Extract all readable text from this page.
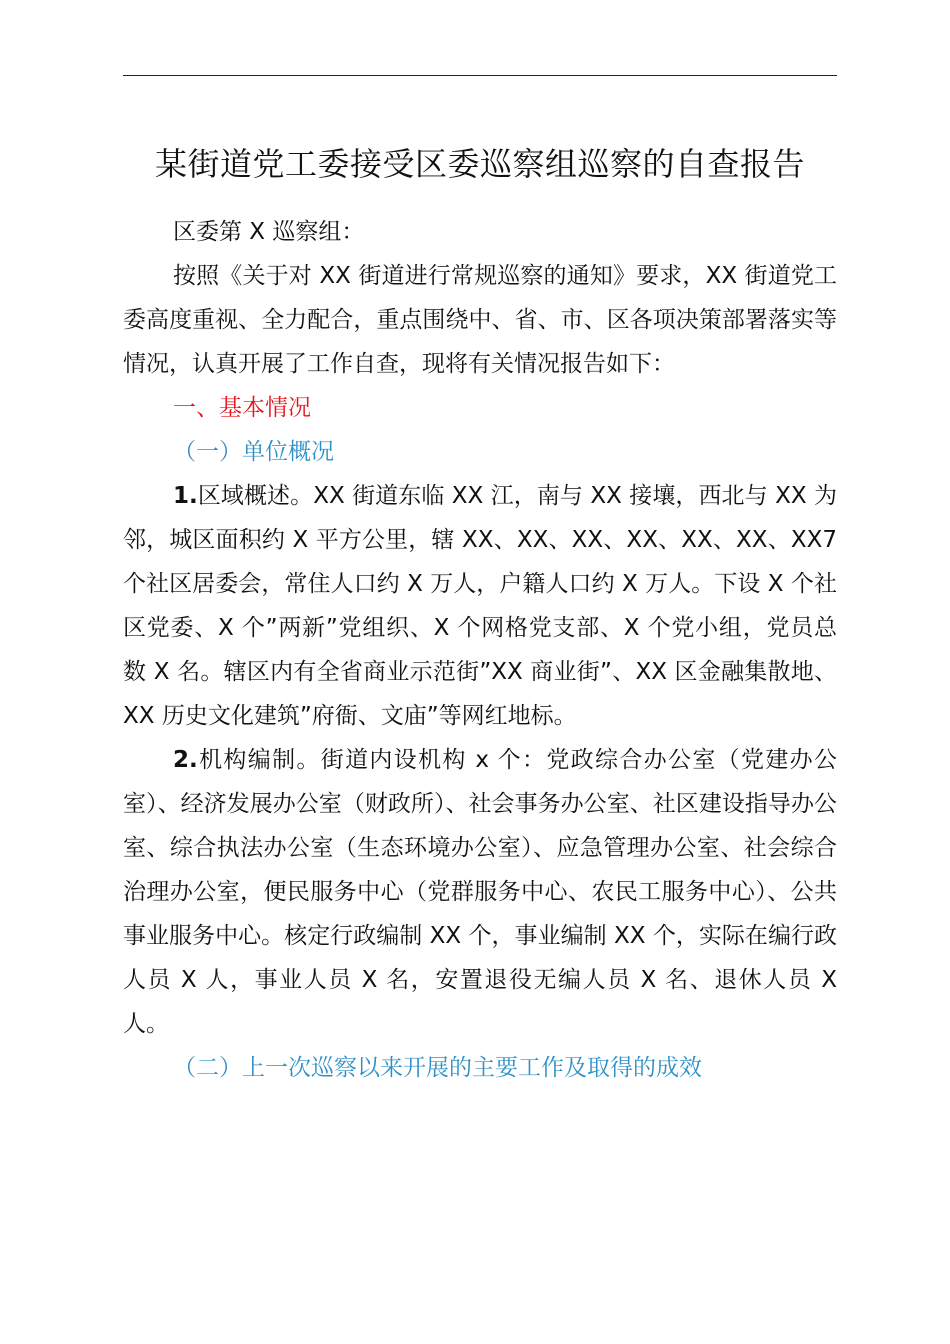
某街道党工委接受区委巡察组巡察的自查报告

区委第 X 巡察组：

按照《关于对 XX 街道进行常规巡察的通知》要求，XX 街道党工委高度重视、全力配合，重点围绕中、省、市、区各项决策部署落实等情况，认真开展了工作自查，现将有关情况报告如下：

一、基本情况

（一）单位概况

1.区域概述。XX 街道东临 XX 江，南与 XX 接壤，西北与 XX 为邻，城区面积约 X 平方公里，辖 XX、XX、XX、XX、XX、XX、XX7 个社区居委会，常住人口约 X 万人，户籍人口约 X 万人。下设 X 个社区党委、X 个”两新”党组织、X 个网格党支部、X 个党小组，党员总数 X 名。辖区内有全省商业示范街”XX 商业街”、XX 区金融集散地、XX 历史文化建筑”府衙、文庙”等网红地标。

2.机构编制。街道内设机构 x 个：党政综合办公室（党建办公室）、经济发展办公室（财政所）、社会事务办公室、社区建设指导办公室、综合执法办公室（生态环境办公室）、应急管理办公室、社会综合治理办公室，便民服务中心（党群服务中心、农民工服务中心）、公共事业服务中心。核定行政编制 XX 个，事业编制 XX 个，实际在编行政人员 X 人，事业人员 X 名，安置退役无编人员 X 名、退休人员 X 人。

（二）上一次巡察以来开展的主要工作及取得的成效
